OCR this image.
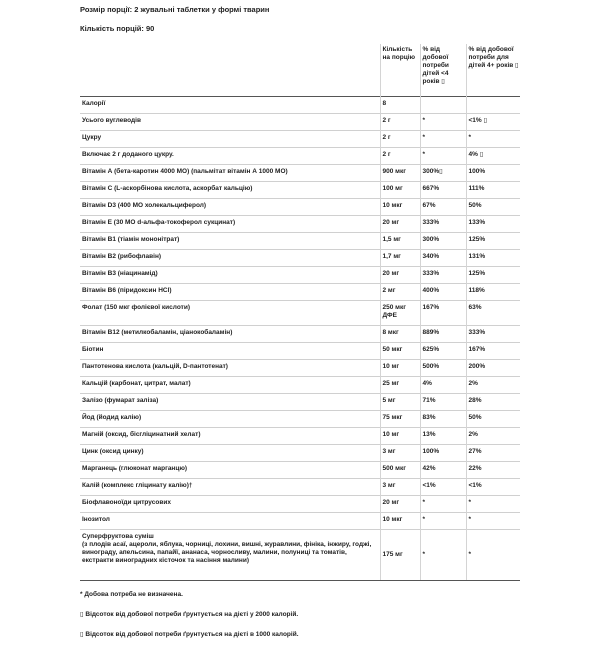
Розмір порції: 2 жувальні таблетки у формі тварин
Кількість порцій: 90
	Кількість на порцію	% від добової потреби дітей <4 років ▯	% від добової потреби для дітей 4+ років ▯
Калорії	8		
Усього вуглеводів	2 г	*	<1% ▯
Цукру	2 г	*	*
Включає 2 г доданого цукру.	2 г	*	4% ▯
Вітамін А (бета-каротин 4000 МО) (пальмітат вітамін А 1000 МО)	900 мкг	300%▯	100%
Вітамін С (L-аскорбінова кислота, аскорбат кальцію)	100 мг	667%	111%
Вітамін D3 (400 МО холекальциферол)	10 мкг	67%	50%
Вітамін Е (30 МО d-альфа-токоферол сукцинат)	20 мг	333%	133%
Вітамін В1 (тіамін мононітрат)	1,5 мг	300%	125%
Вітамін В2 (рибофлавін)	1,7 мг	340%	131%
Вітамін В3 (ніацинамід)	20 мг	333%	125%
Вітамін В6 (піридоксин HCl)	2 мг	400%	118%
Фолат (150 мкг фолієвої кислоти)	250 мкг ДФЕ	167%	63%
Вітамін В12 (метилкобаламін, ціанокобаламін)	8 мкг	889%	333%
Біотин	50 мкг	625%	167%
Пантотенова кислота (кальцій, D-пантотенат)	10 мг	500%	200%
Кальцій (карбонат, цитрат, малат)	25 мг	4%	2%
Залізо (фумарат заліза)	5 мг	71%	28%
Йод (йодид калію)	75 мкг	83%	50%
Магній (оксид, бісгліцинатний хелат)	10 мг	13%	2%
Цинк (оксид цинку)	3 мг	100%	27%
Марганець (глюконат марганцю)	500 мкг	42%	22%
Калій (комплекс гліцинату калію)†	3 мг	<1%	<1%
Біофлавоноїди цитрусових	20 мг	*	*
Інозитол	10 мкг	*	*

Суперфруктова суміш
(з плодів асаї, ацероли, яблука, чорниці, лохини, вишні, журавлини, фініка, інжиру, годжі, винограду, апельсина, папайї, ананаса, чорносливу, малини, полуниці та томатів, екстракти виноградних кісточок та насіння малини)	175 мг	*	*
* Добова потреба не визначена.
▯ Відсоток від добової потреби ґрунтується на дієті у 2000 калорій.
▯ Відсоток від добової потреби ґрунтується на дієті в 1000 калорій.
